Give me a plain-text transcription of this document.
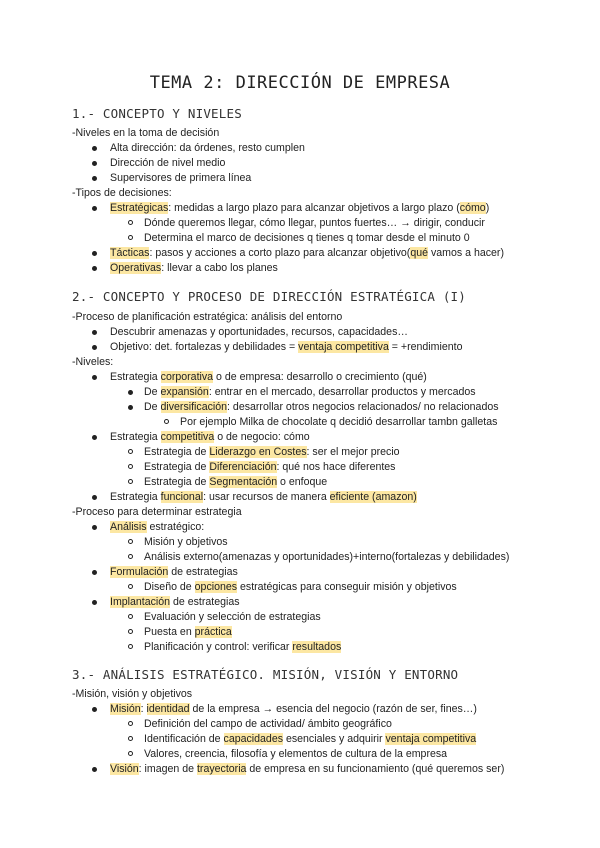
TEMA 2: DIRECCIÓN DE EMPRESA
1.- CONCEPTO Y NIVELES
2.- CONCEPTO Y PROCESO DE DIRECCIÓN ESTRATÉGICA (I)
3.- ANÁLISIS ESTRATÉGICO. MISIÓN, VISIÓN Y ENTORNO
-Niveles en la toma de decisión
Alta dirección: da órdenes, resto cumplen
Dirección de nivel medio
Supervisores de primera línea
-Tipos de decisiones:
Estratégicas: medidas a largo plazo para alcanzar objetivos a largo plazo (cómo)
Dónde queremos llegar, cómo llegar, puntos fuertes… → dirigir, conducir
Determina el marco de decisiones q tienes q tomar desde el minuto 0
Tácticas: pasos y acciones a corto plazo para alcanzar objetivo(qué vamos a hacer)
Operativas: llevar a cabo los planes
-Proceso de planificación estratégica: análisis del entorno
Descubrir amenazas y oportunidades, recursos, capacidades…
Objetivo: det. fortalezas y debilidades = ventaja competitiva = +rendimiento
-Niveles:
Estrategia corporativa o de empresa: desarrollo o crecimiento (qué)
De expansión: entrar en el mercado, desarrollar productos y mercados
De diversificación: desarrollar otros negocios relacionados/ no relacionados
Por ejemplo Milka de chocolate q decidió desarrollar tambn galletas
Estrategia competitiva o de negocio: cómo
Estrategia de Liderazgo en Costes: ser el mejor precio
Estrategia de Diferenciación: qué nos hace diferentes
Estrategia de Segmentación o enfoque
Estrategia funcional: usar recursos de manera eficiente (amazon)
-Proceso para determinar estrategia
Análisis estratégico:
Misión y objetivos
Análisis externo(amenazas y oportunidades)+interno(fortalezas y debilidades)
Formulación de estrategias
Diseño de opciones estratégicas para conseguir misión y objetivos
Implantación de estrategias
Evaluación y selección de estrategias
Puesta en práctica
Planificación y control: verificar resultados
-Misión, visión y objetivos
Misión: identidad de la empresa → esencia del negocio (razón de ser, fines…)
Definición del campo de actividad/ ámbito geográfico
Identificación de capacidades esenciales y adquirir ventaja competitiva
Valores, creencia, filosofía y elementos de cultura de la empresa
Visión: imagen de trayectoria de empresa en su funcionamiento (qué queremos ser)
